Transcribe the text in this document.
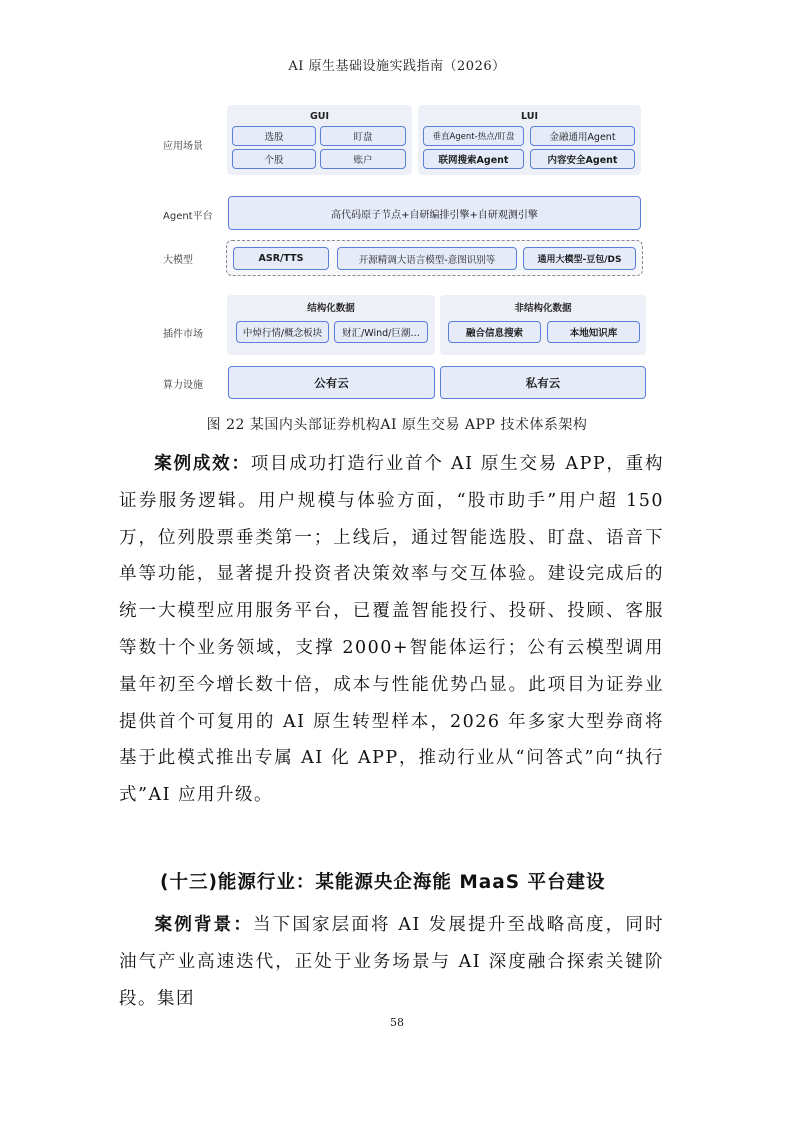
AI 原生基础设施实践指南（2026）
应用场景
Agent平台
大模型
插件市场
算力设施
GUI
选股	盯盘
个股	账户
LUI
垂直Agent-热点/盯盘	金融通用Agent
联网搜索Agent	内容安全Agent
高代码原子节点+自研编排引擎+自研观测引擎
ASR/TTS	开源精调大语言模型-意图识别等	通用大模型-豆包/DS
结构化数据
中焯行情/概念板块	财汇/Wind/巨潮…
非结构化数据
融合信息搜索	本地知识库
公有云	私有云
图 22 某国内头部证券机构AI 原生交易 APP 技术体系架构
案例成效：项目成功打造行业首个 AI 原生交易 APP，重构证券服务逻辑。用户规模与体验方面，“股市助手”用户超 150 万，位列股票垂类第一；上线后，通过智能选股、盯盘、语音下单等功能，显著提升投资者决策效率与交互体验。建设完成后的统一大模型应用服务平台，已覆盖智能投行、投研、投顾、客服等数十个业务领域，支撑 2000+智能体运行；公有云模型调用量年初至今增长数十倍，成本与性能优势凸显。此项目为证券业提供首个可复用的 AI 原生转型样本，2026 年多家大型券商将基于此模式推出专属 AI 化 APP，推动行业从“问答式”向“执行式”AI 应用升级。
(十三)能源行业：某能源央企海能 MaaS 平台建设
案例背景：当下国家层面将 AI 发展提升至战略高度，同时油气产业高速迭代，正处于业务场景与 AI 深度融合探索关键阶段。集团
58
